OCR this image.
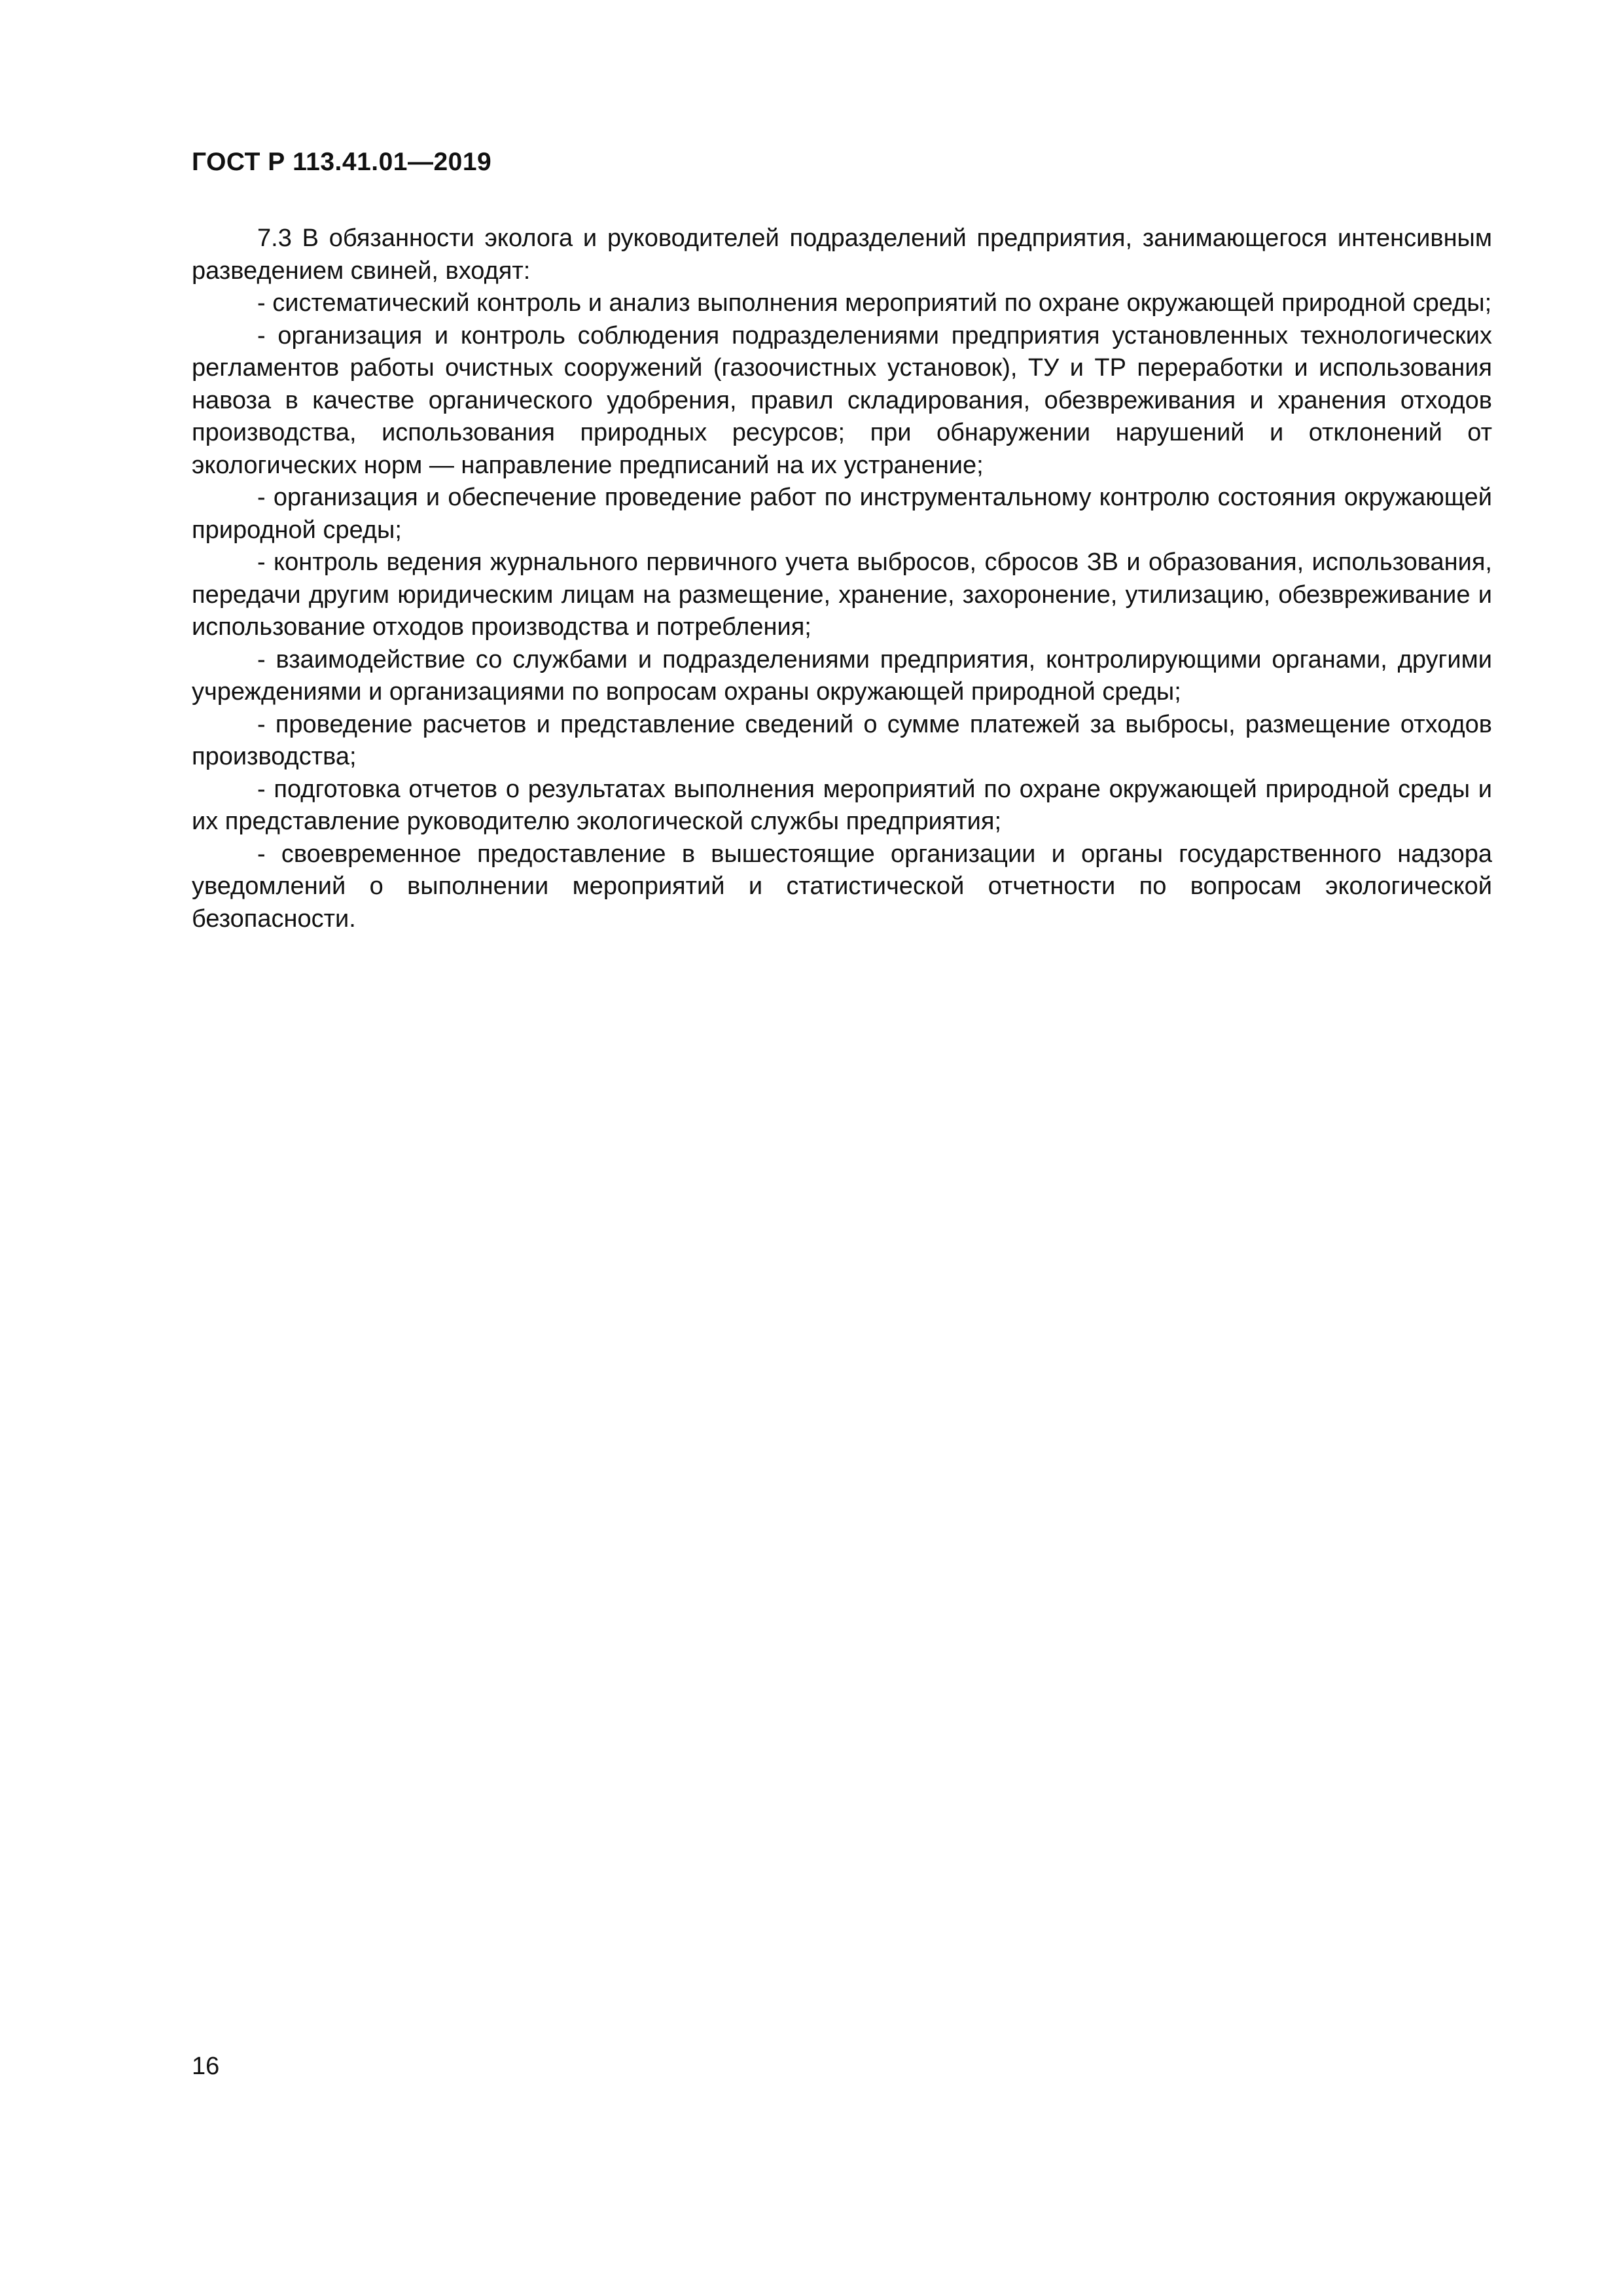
ГОСТ Р 113.41.01—2019

7.3 В обязанности эколога и руководителей подразделений предприятия, занимающегося интенсивным разведением свиней, входят:

- систематический контроль и анализ выполнения мероприятий по охране окружающей природной среды;

- организация и контроль соблюдения подразделениями предприятия установленных технологических регламентов работы очистных сооружений (газоочистных установок), ТУ и ТР переработки и использования навоза в качестве органического удобрения, правил складирования, обезвреживания и хранения отходов производства, использования природных ресурсов; при обнаружении нарушений и отклонений от экологических норм — направление предписаний на их устранение;

- организация и обеспечение проведение работ по инструментальному контролю состояния окружающей природной среды;

- контроль ведения журнального первичного учета выбросов, сбросов ЗВ и образования, использования, передачи другим юридическим лицам на размещение, хранение, захоронение, утилизацию, обезвреживание и использование отходов производства и потребления;

- взаимодействие со службами и подразделениями предприятия, контролирующими органами, другими учреждениями и организациями по вопросам охраны окружающей природной среды;

- проведение расчетов и представление сведений о сумме платежей за выбросы, размещение отходов производства;

- подготовка отчетов о результатах выполнения мероприятий по охране окружающей природной среды и их представление руководителю экологической службы предприятия;

- своевременное предоставление в вышестоящие организации и органы государственного надзора уведомлений о выполнении мероприятий и статистической отчетности по вопросам экологической безопасности.

16
